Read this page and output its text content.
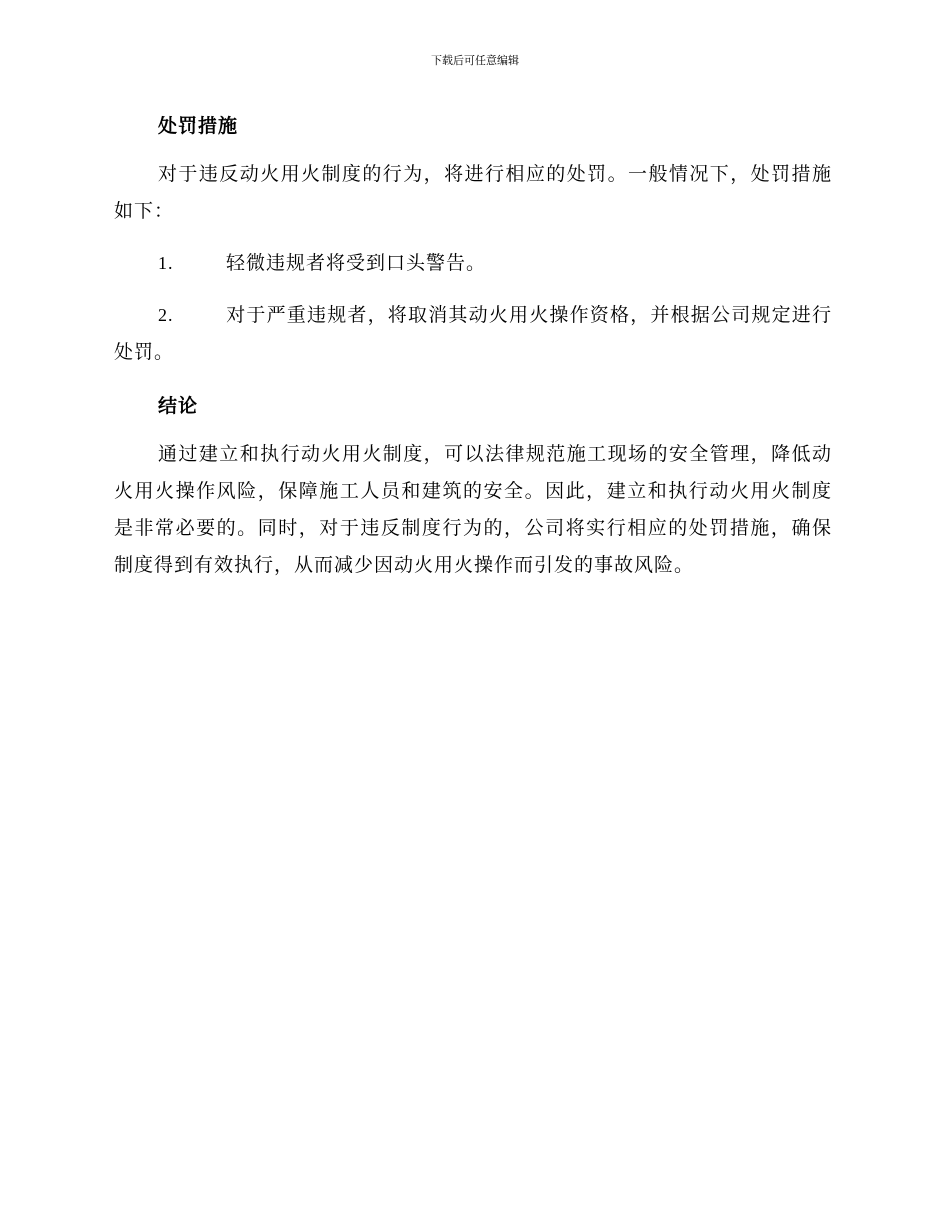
下载后可任意编辑
处罚措施

对于违反动火用火制度的行为，将进行相应的处罚。一般情况下，处罚措施如下：

1.	轻微违规者将受到口头警告。

2.	对于严重违规者，将取消其动火用火操作资格，并根据公司规定进行处罚。

结论

通过建立和执行动火用火制度，可以法律规范施工现场的安全管理，降低动火用火操作风险，保障施工人员和建筑的安全。因此，建立和执行动火用火制度是非常必要的。同时，对于违反制度行为的，公司将实行相应的处罚措施，确保制度得到有效执行，从而减少因动火用火操作而引发的事故风险。
